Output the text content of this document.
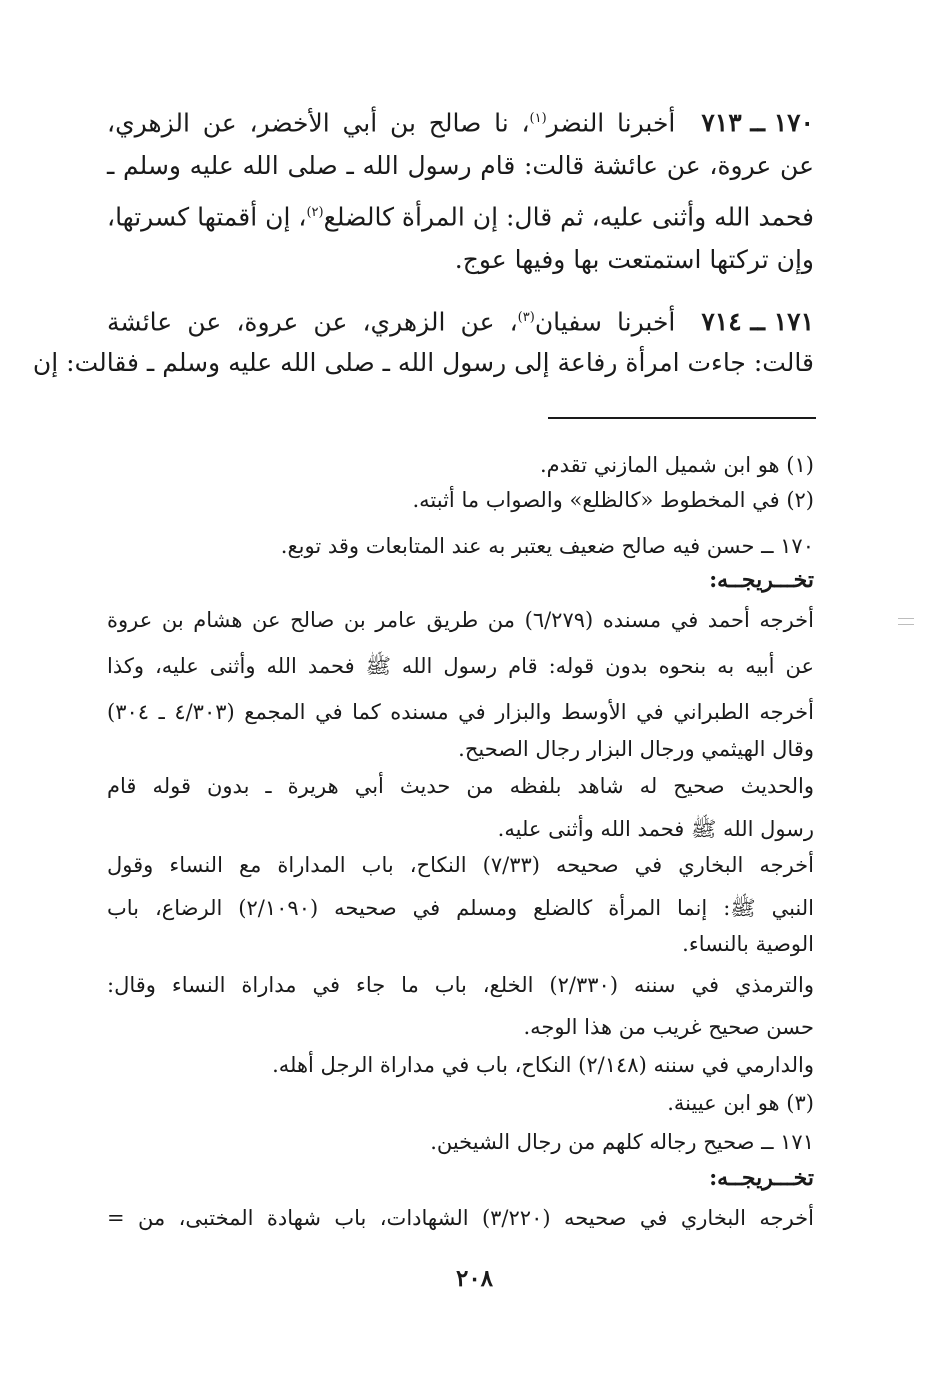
١٧٠ ــ ٧١٣أخبرنا النضر$^{(١)}$، نا صالح بن أبي الأخضر، عن الزهري،
عن عروة، عن عائشة قالت: قام رسول الله ـ صلى الله عليه وسلم ـ
فحمد الله وأثنى عليه، ثم قال: إن المرأة كالضلع$^{(٢)}$، إن أقمتها كسرتها،
وإن تركتها استمتعت بها وفيها عوج.
١٧١ ــ ٧١٤أخبرنا سفيان$^{(٣)}$، عن الزهري، عن عروة، عن عائشة
قالت: جاءت امرأة رفاعة إلى رسول الله ـ صلى الله عليه وسلم ـ فقالت: إن
(١) هو ابن شميل المازني تقدم.
(٢) في المخطوط «كالظلع» والصواب ما أثبته.
١٧٠ ــ حسن فيه صالح ضعيف يعتبر به عند المتابعات وقد توبع.
تخـــريجــه:
أخرجه أحمد في مسنده (٦/٢٧٩) من طريق عامر بن صالح عن هشام بن عروة
عن أبيه به بنحوه بدون قوله: قام رسول الله ﷺ فحمد الله وأثنى عليه، وكذا
أخرجه الطبراني في الأوسط والبزار في مسنده كما في المجمع (٤/٣٠٣ ـ ٣٠٤)
وقال الهيثمي ورجال البزار رجال الصحيح.
والحديث صحيح له شاهد بلفظه من حديث أبي هريرة ـ بدون قوله قام
رسول الله ﷺ فحمد الله وأثنى عليه.
أخرجه البخاري في صحيحه (٧/٣٣) النكاح، باب المداراة مع النساء وقول
النبي ﷺ: إنما المرأة كالضلع ومسلم في صحيحه (٢/١٠٩٠) الرضاع، باب
الوصية بالنساء.
والترمذي في سننه (٢/٣٣٠) الخلع، باب ما جاء في مداراة النساء وقال:
حسن صحيح غريب من هذا الوجه.
والدارمي في سننه (٢/١٤٨) النكاح، باب في مداراة الرجل أهله.
(٣) هو ابن عيينة.
١٧١ ــ صحيح رجاله كلهم من رجال الشيخين.
تخـــريجــه:
أخرجه البخاري في صحيحه (٣/٢٢٠) الشهادات، باب شهادة المختبى، من =
٢٠٨
